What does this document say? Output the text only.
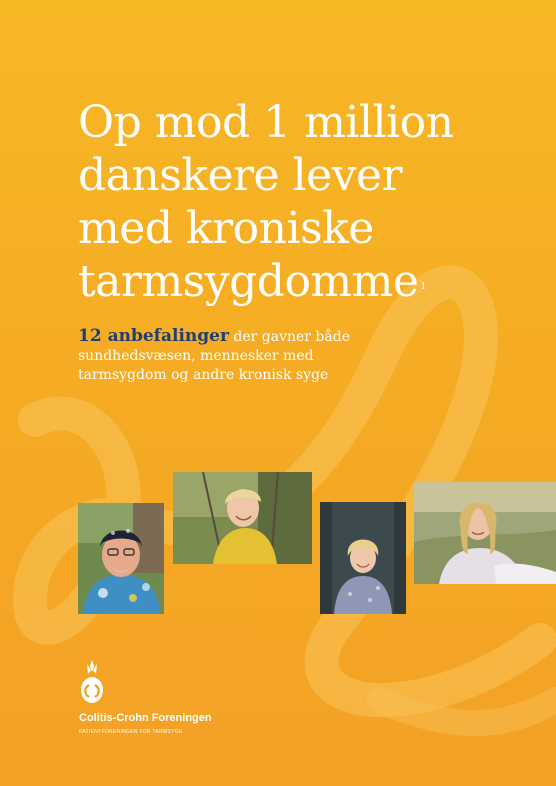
Op mod 1 million
danskere lever
med kroniske
tarmsygdomme $^1$

12 anbefalinger der gavner både sundhedsvæsen, mennesker med tarmsygdom og andre kronisk syge

Colitis-Crohn Foreningen
PATIENTFORENINGEN FOR TARMSYGE
